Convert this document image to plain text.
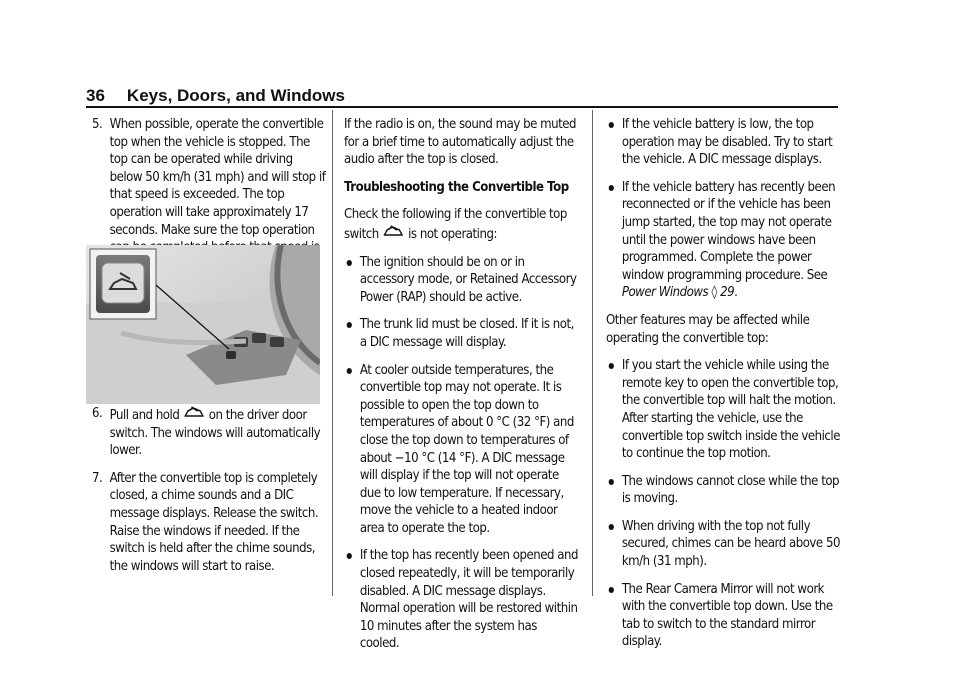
36 Keys, Doors, and Windows
5. When possible, operate the convertible top when the vehicle is stopped. The top can be operated while driving below 50 km/h (31 mph) and will stop if that speed is exceeded. The top operation will take approximately 17 seconds. Make sure the top operation
6. Pull and hold on the driver door switch. The windows will automatically lower.
7. After the convertible top is completely closed, a chime sounds and a DIC message displays. Release the switch. Raise the windows if needed. If the switch is held after the chime sounds, the windows will start to raise.

If the radio is on, the sound may be muted for a brief time to automatically adjust the audio after the top is closed.

Troubleshooting the Convertible Top

Check the following if the convertible top switch is not operating:

The ignition should be on or in accessory mode, or Retained Accessory Power (RAP) should be active.
The trunk lid must be closed. If it is not, a DIC message will display.
At cooler outside temperatures, the convertible top may not operate. It is possible to open the top down to temperatures of about 0 °C (32 °F) and close the top down to temperatures of about −10 °C (14 °F). A DIC message will display if the top will not operate due to low temperature. If necessary, move the vehicle to a heated indoor area to operate the top.
If the top has recently been opened and closed repeatedly, it will be temporarily disabled. A DIC message displays. Normal operation will be restored within 10 minutes after the system has cooled.
If the vehicle battery is low, the top operation may be disabled. Try to start the vehicle. A DIC message displays.
If the vehicle battery has recently been reconnected or if the vehicle has been jump started, the top may not operate until the power windows have been programmed. Complete the power window programming procedure. See Power Windows ◊ 29.

Other features may be affected while operating the convertible top:

If you start the vehicle while using the remote key to open the convertible top, the convertible top will halt the motion. After starting the vehicle, use the convertible top switch inside the vehicle to continue the top motion.
The windows cannot close while the top is moving.
When driving with the top not fully secured, chimes can be heard above 50 km/h (31 mph).
The Rear Camera Mirror will not work with the convertible top down. Use the tab to switch to the standard mirror display.
